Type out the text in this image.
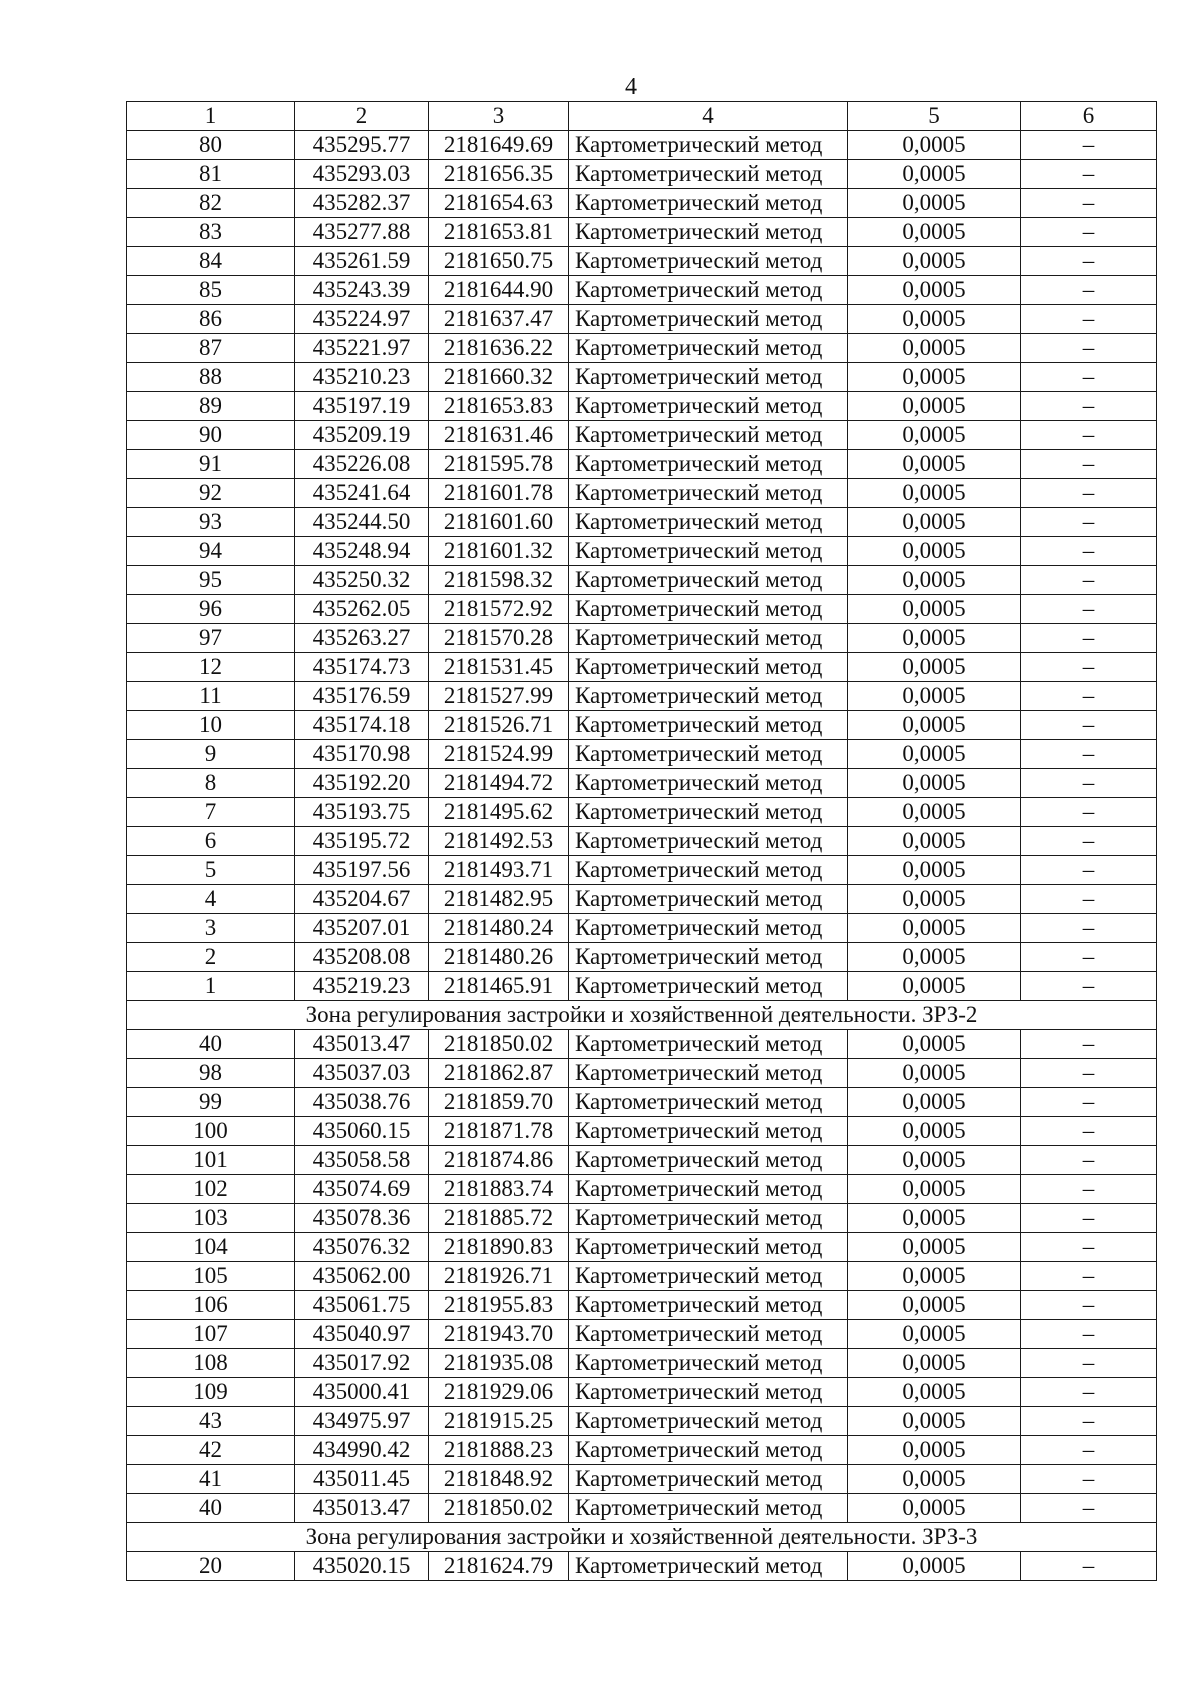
4
1	2	3	4	5	6
80	435295.77	2181649.69	Картометрический метод	0,0005	–
81	435293.03	2181656.35	Картометрический метод	0,0005	–
82	435282.37	2181654.63	Картометрический метод	0,0005	–
83	435277.88	2181653.81	Картометрический метод	0,0005	–
84	435261.59	2181650.75	Картометрический метод	0,0005	–
85	435243.39	2181644.90	Картометрический метод	0,0005	–
86	435224.97	2181637.47	Картометрический метод	0,0005	–
87	435221.97	2181636.22	Картометрический метод	0,0005	–
88	435210.23	2181660.32	Картометрический метод	0,0005	–
89	435197.19	2181653.83	Картометрический метод	0,0005	–
90	435209.19	2181631.46	Картометрический метод	0,0005	–
91	435226.08	2181595.78	Картометрический метод	0,0005	–
92	435241.64	2181601.78	Картометрический метод	0,0005	–
93	435244.50	2181601.60	Картометрический метод	0,0005	–
94	435248.94	2181601.32	Картометрический метод	0,0005	–
95	435250.32	2181598.32	Картометрический метод	0,0005	–
96	435262.05	2181572.92	Картометрический метод	0,0005	–
97	435263.27	2181570.28	Картометрический метод	0,0005	–
12	435174.73	2181531.45	Картометрический метод	0,0005	–
11	435176.59	2181527.99	Картометрический метод	0,0005	–
10	435174.18	2181526.71	Картометрический метод	0,0005	–
9	435170.98	2181524.99	Картометрический метод	0,0005	–
8	435192.20	2181494.72	Картометрический метод	0,0005	–
7	435193.75	2181495.62	Картометрический метод	0,0005	–
6	435195.72	2181492.53	Картометрический метод	0,0005	–
5	435197.56	2181493.71	Картометрический метод	0,0005	–
4	435204.67	2181482.95	Картометрический метод	0,0005	–
3	435207.01	2181480.24	Картометрический метод	0,0005	–
2	435208.08	2181480.26	Картометрический метод	0,0005	–
1	435219.23	2181465.91	Картометрический метод	0,0005	–
Зона регулирования застройки и хозяйственной деятельности. ЗРЗ-2					
40	435013.47	2181850.02	Картометрический метод	0,0005	–
98	435037.03	2181862.87	Картометрический метод	0,0005	–
99	435038.76	2181859.70	Картометрический метод	0,0005	–
100	435060.15	2181871.78	Картометрический метод	0,0005	–
101	435058.58	2181874.86	Картометрический метод	0,0005	–
102	435074.69	2181883.74	Картометрический метод	0,0005	–
103	435078.36	2181885.72	Картометрический метод	0,0005	–
104	435076.32	2181890.83	Картометрический метод	0,0005	–
105	435062.00	2181926.71	Картометрический метод	0,0005	–
106	435061.75	2181955.83	Картометрический метод	0,0005	–
107	435040.97	2181943.70	Картометрический метод	0,0005	–
108	435017.92	2181935.08	Картометрический метод	0,0005	–
109	435000.41	2181929.06	Картометрический метод	0,0005	–
43	434975.97	2181915.25	Картометрический метод	0,0005	–
42	434990.42	2181888.23	Картометрический метод	0,0005	–
41	435011.45	2181848.92	Картометрический метод	0,0005	–
40	435013.47	2181850.02	Картометрический метод	0,0005	–
Зона регулирования застройки и хозяйственной деятельности. ЗРЗ-3					
20	435020.15	2181624.79	Картометрический метод	0,0005	–
